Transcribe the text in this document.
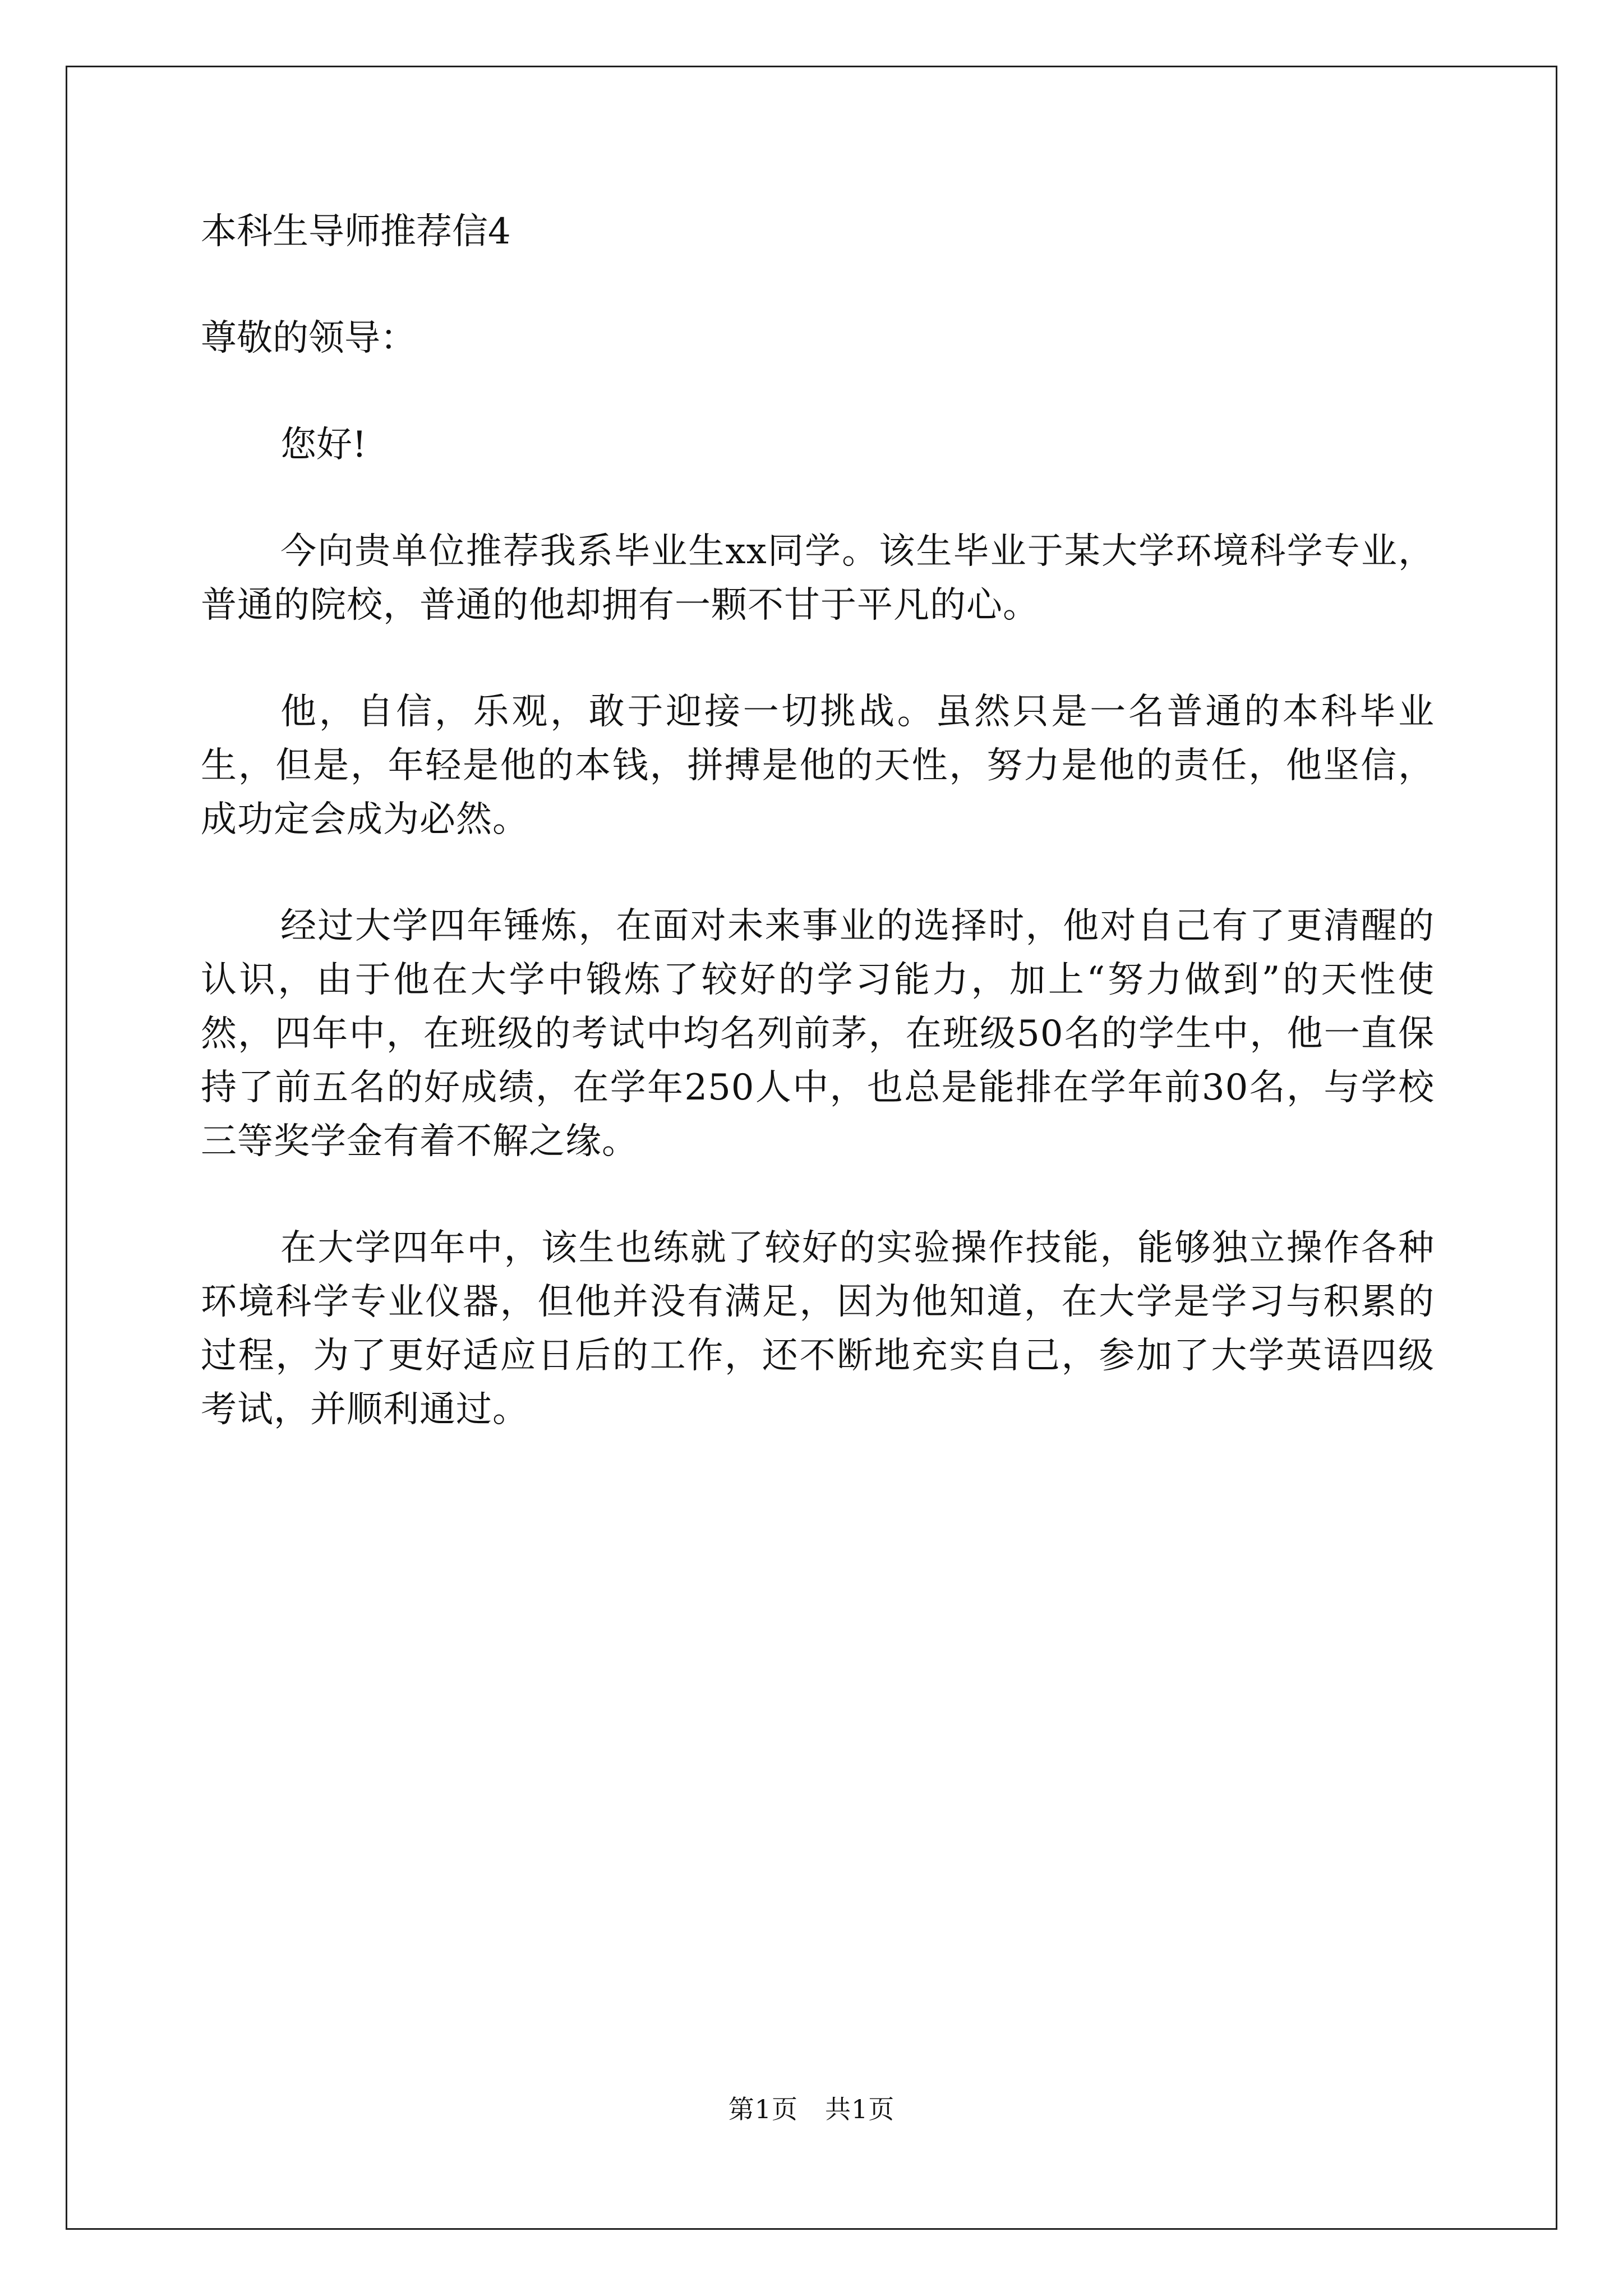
本科生导师推荐信4

尊敬的领导：

您好!

今向贵单位推荐我系毕业生xx同学。该生毕业于某大学环境科学专业，普通的院校，普通的他却拥有一颗不甘于平凡的心。

他，自信，乐观，敢于迎接一切挑战。虽然只是一名普通的本科毕业生，但是，年轻是他的本钱，拼搏是他的天性，努力是他的责任，他坚信，成功定会成为必然。

经过大学四年锤炼，在面对未来事业的选择时，他对自己有了更清醒的认识，由于他在大学中锻炼了较好的学习能力，加上“努力做到”的天性使然，四年中，在班级的考试中均名列前茅，在班级50名的学生中，他一直保持了前五名的好成绩，在学年250人中，也总是能排在学年前30名，与学校三等奖学金有着不解之缘。

在大学四年中，该生也练就了较好的实验操作技能，能够独立操作各种环境科学专业仪器，但他并没有满足，因为他知道，在大学是学习与积累的过程，为了更好适应日后的工作，还不断地充实自己，参加了大学英语四级考试，并顺利通过。

第1页 共1页
